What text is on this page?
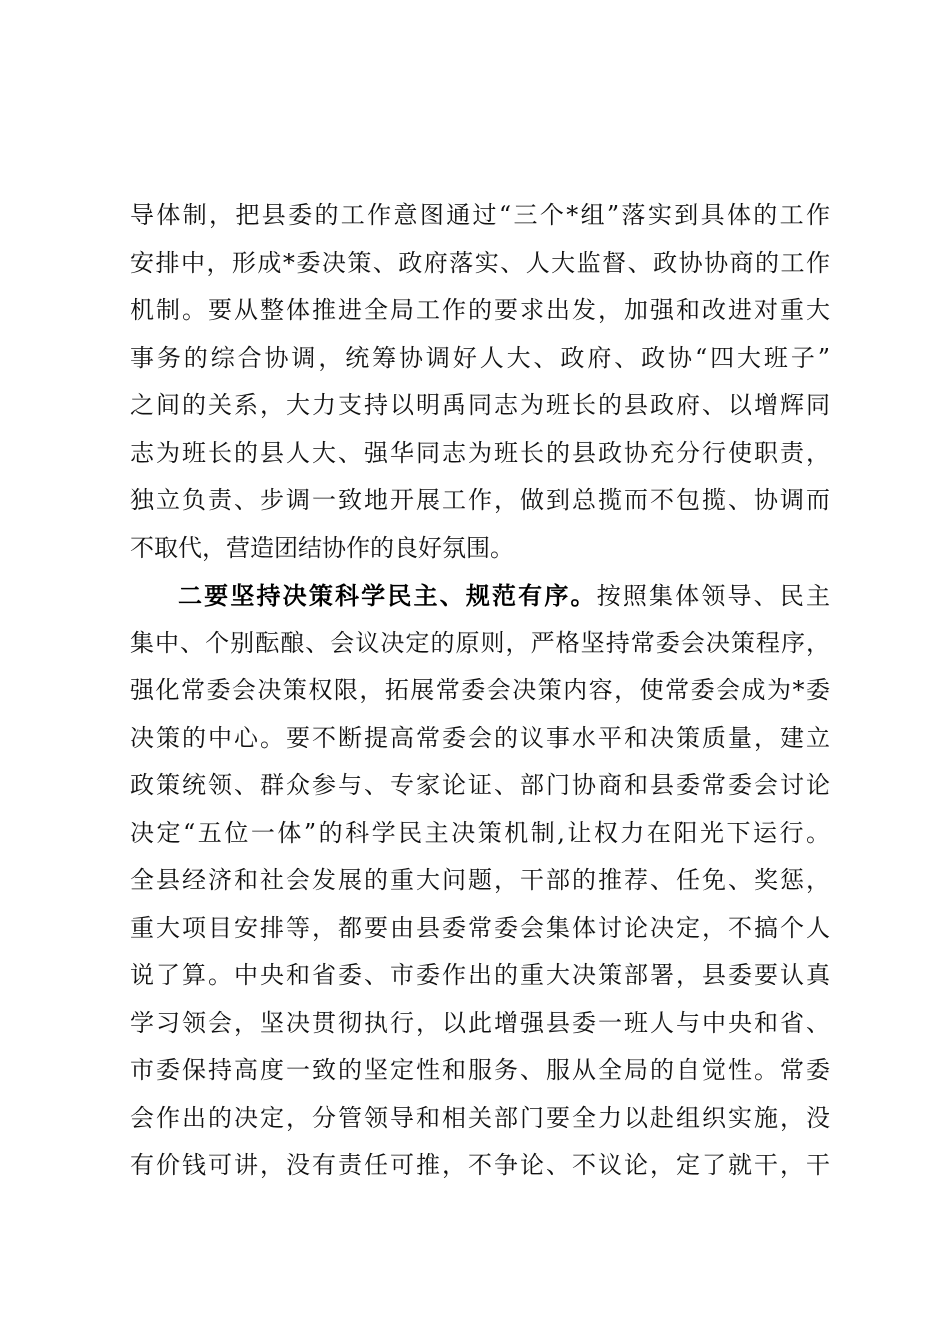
导体制，把县委的工作意图通过“三个*组”落实到具体的工作
安排中，形成*委决策、政府落实、人大监督、政协协商的工作
机制。要从整体推进全局工作的要求出发，加强和改进对重大
事务的综合协调，统筹协调好人大、政府、政协“四大班子”
之间的关系，大力支持以明禹同志为班长的县政府、以增辉同
志为班长的县人大、强华同志为班长的县政协充分行使职责，
独立负责、步调一致地开展工作，做到总揽而不包揽、协调而
不取代，营造团结协作的良好氛围。
二要坚持决策科学民主、规范有序。按照集体领导、民主
集中、个别酝酿、会议决定的原则，严格坚持常委会决策程序，
强化常委会决策权限，拓展常委会决策内容，使常委会成为*委
决策的中心。要不断提高常委会的议事水平和决策质量，建立
政策统领、群众参与、专家论证、部门协商和县委常委会讨论
决定“五位一体”的科学民主决策机制,让权力在阳光下运行。
全县经济和社会发展的重大问题，干部的推荐、任免、奖惩，
重大项目安排等，都要由县委常委会集体讨论决定，不搞个人
说了算。中央和省委、市委作出的重大决策部署，县委要认真
学习领会，坚决贯彻执行，以此增强县委一班人与中央和省、
市委保持高度一致的坚定性和服务、服从全局的自觉性。常委
会作出的决定，分管领导和相关部门要全力以赴组织实施，没
有价钱可讲，没有责任可推，不争论、不议论，定了就干，干
